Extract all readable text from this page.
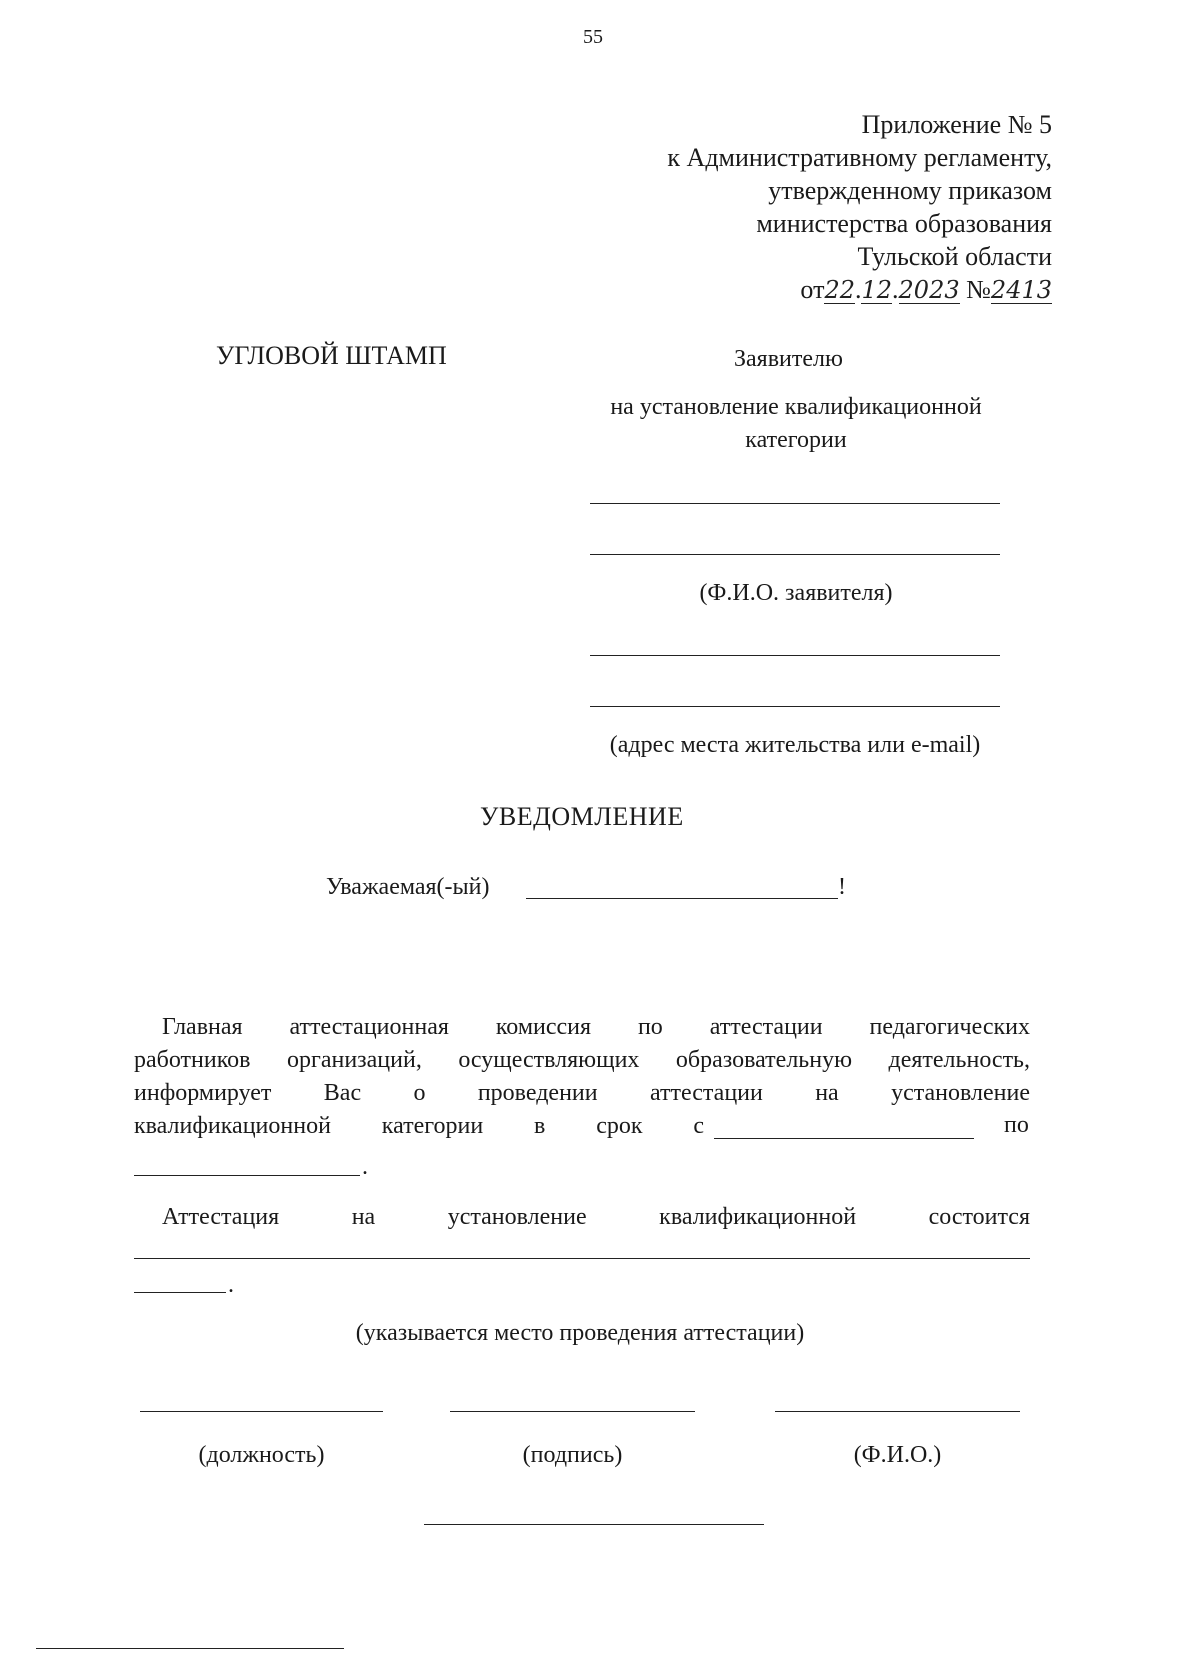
55
Приложение № 5
к Административному регламенту,
утвержденному приказом
министерства образования
Тульской области
от22.12.2023 №2413
УГЛОВОЙ ШТАМП	Заявителю
на установление квалификационной
категории
(Ф.И.О. заявителя)
(адрес места жительства или e-mail)
УВЕДОМЛЕНИЕ
Уважаемая(-ый)	!
Главная аттестационная комиссия по аттестации педагогических
работников организаций, осуществляющих образовательную деятельность,
информирует Вас о проведении аттестации на установление
квалификационной категории в срок с	по
.
Аттестация на установление квалификационной состоится
.
(указывается место проведения аттестации)
(должность)	(подпись)	(Ф.И.О.)
